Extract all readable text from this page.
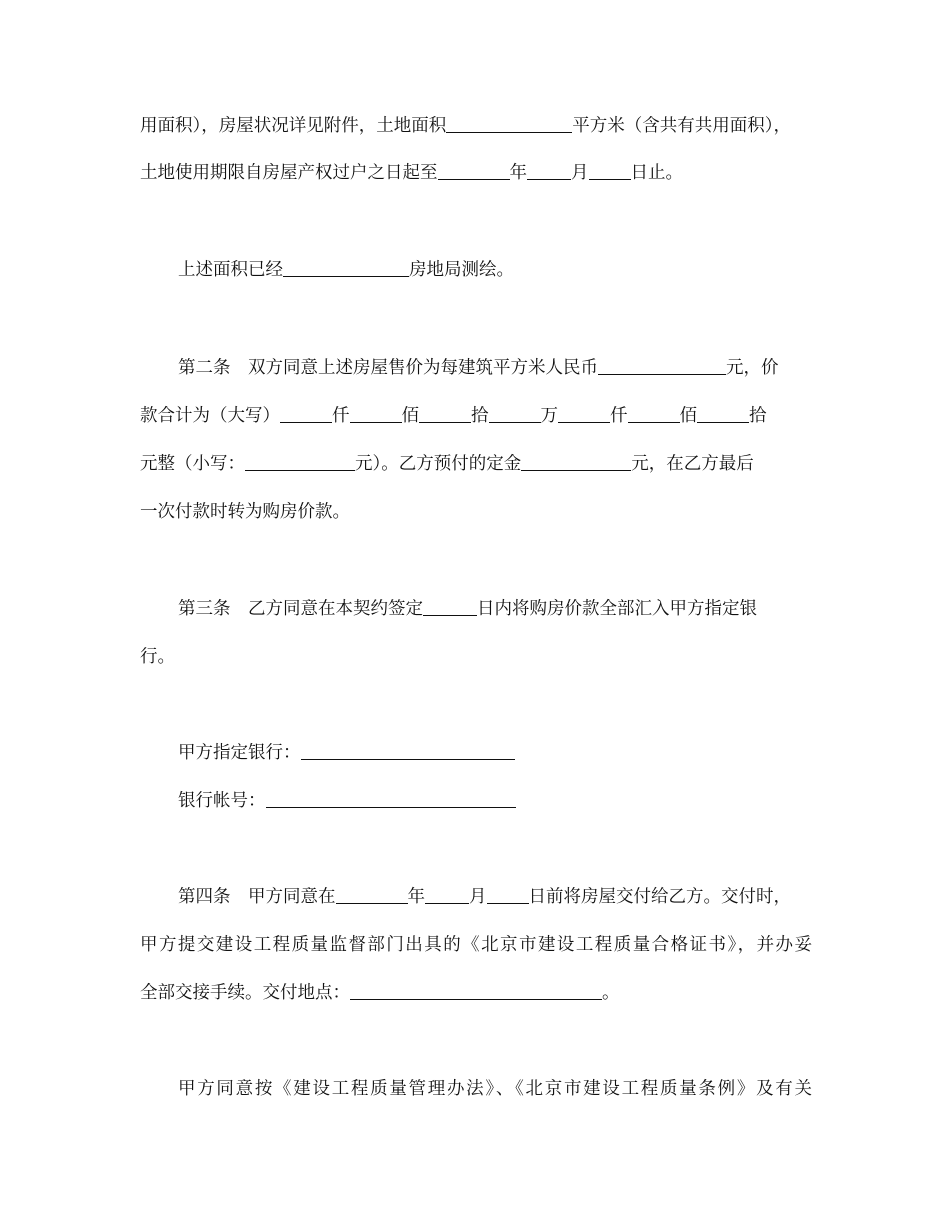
用面积），房屋状况详见附件，土地面积	平方米（含共有共用面积），
土地使用期限自房屋产权过户之日起至	年	月 日止。
上述面积已经	房地局测绘。
第二条　双方同意上述房屋售价为每建筑平方米人民币	元，价
款合计为（大写）	仟	佰	拾	万	仟	佰	拾
元整（小写：	元）。乙方预付的定金	元，在乙方最后
一次付款时转为购房价款。
第三条　乙方同意在本契约签定	日内将购房价款全部汇入甲方指定银
行。
甲方指定银行：
银行帐号：
第四条　甲方同意在	年	月 日前将房屋交付给乙方。交付时，
甲方提交建设工程质量监督部门出具的《北京市建设工程质量合格证书》，并办妥
全部交接手续。交付地点：	。
甲方同意按《建设工程质量管理办法》、《北京市建设工程质量条例》及有关
